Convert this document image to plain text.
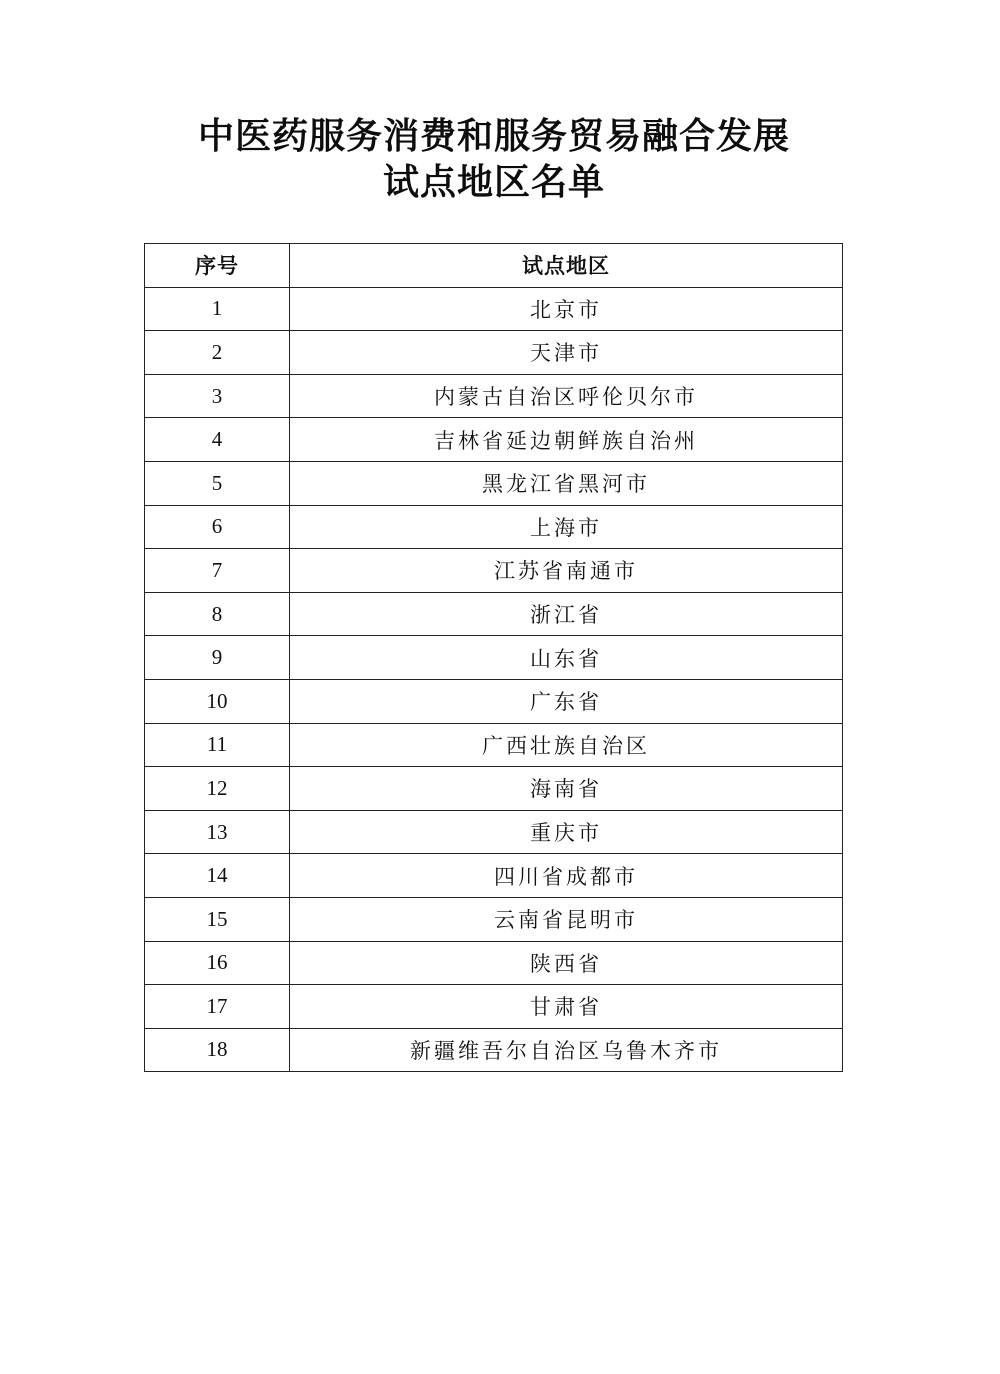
中医药服务消费和服务贸易融合发展
试点地区名单
序号	试点地区
1	北京市
2	天津市
3	内蒙古自治区呼伦贝尔市
4	吉林省延边朝鲜族自治州
5	黑龙江省黑河市
6	上海市
7	江苏省南通市
8	浙江省
9	山东省
10	广东省
11	广西壮族自治区
12	海南省
13	重庆市
14	四川省成都市
15	云南省昆明市
16	陕西省
17	甘肃省
18	新疆维吾尔自治区乌鲁木齐市
